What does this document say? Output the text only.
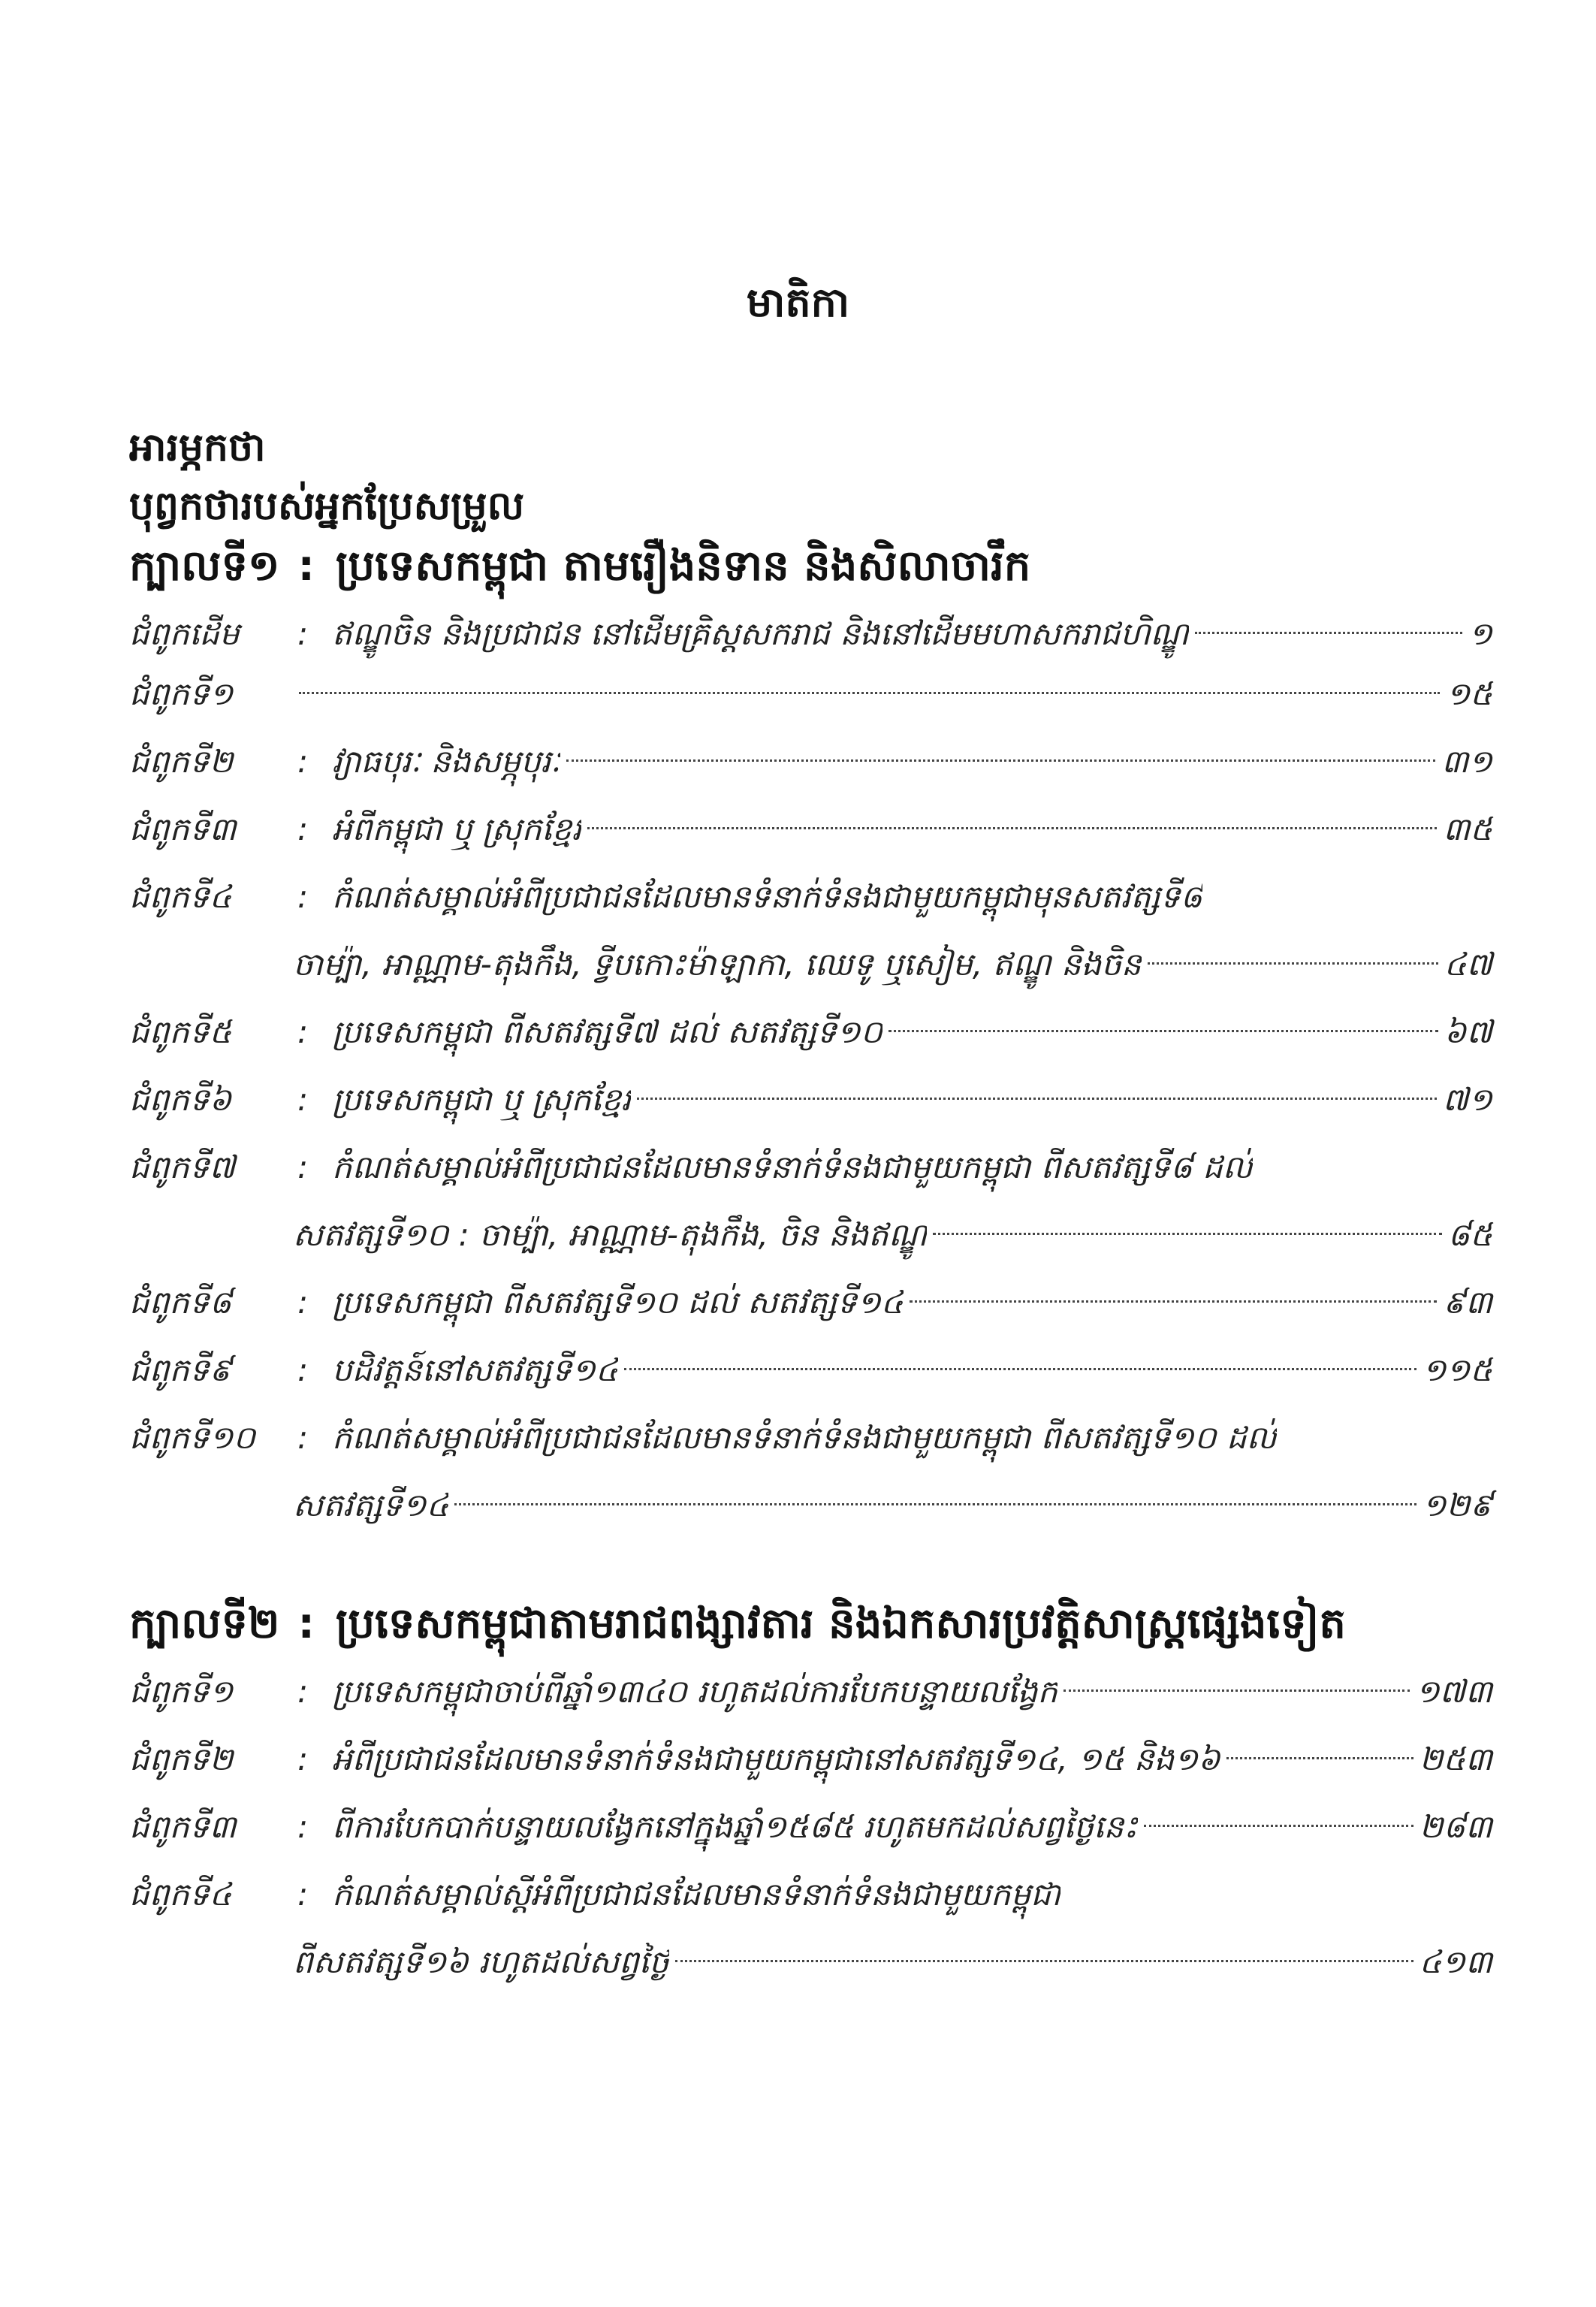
មាតិកា
អារម្ភកថា
បុព្វកថារបស់អ្នកប្រែសម្រួល
ក្បាលទី១ : ប្រទេសកម្ពុជា តាមរឿងនិទាន និងសិលាចារឹក
ជំពូកដើម : ឥណ្ឌូចិន និងប្រជាជន នៅដើមគ្រិស្តសករាជ និងនៅដើមមហាសករាជហិណ្ឌូ	១
ជំពូកទី១	១៥
ជំពូកទី២ : វ្យាធបុរៈ និងសម្ភុបុរៈ	៣១
ជំពូកទី៣ : អំពីកម្ពុជា ឬ ស្រុកខ្មែរ	៣៥
ជំពូកទី៤ : កំណត់សម្គាល់អំពីប្រជាជនដែលមានទំនាក់ទំនងជាមួយកម្ពុជាមុនសតវត្សទី៨
ចាម្ប៉ា, អាណ្ណាម-តុងកឹង, ទ្វីបកោះម៉ាឡាកា, ឈេទូ ឬសៀម, ឥណ្ឌូ និងចិន	៤៧
ជំពូកទី៥ : ប្រទេសកម្ពុជា ពីសតវត្សទី៧ ដល់ សតវត្សទី១០	៦៧
ជំពូកទី៦ : ប្រទេសកម្ពុជា ឬ ស្រុកខ្មែរ	៧១
ជំពូកទី៧ : កំណត់សម្គាល់អំពីប្រជាជនដែលមានទំនាក់ទំនងជាមួយកម្ពុជា ពីសតវត្សទី៨ ដល់
សតវត្សទី១០ : ចាម្ប៉ា, អាណ្ណាម-តុងកឹង, ចិន និងឥណ្ឌូ	៨៥
ជំពូកទី៨ : ប្រទេសកម្ពុជា ពីសតវត្សទី១០ ដល់ សតវត្សទី១៤	៩៣
ជំពូកទី៩ : បដិវត្តន៍នៅសតវត្សទី១៤	១១៥
ជំពូកទី១០ : កំណត់សម្គាល់អំពីប្រជាជនដែលមានទំនាក់ទំនងជាមួយកម្ពុជា ពីសតវត្សទី១០ ដល់
សតវត្សទី១៤	១២៩
ក្បាលទី២ : ប្រទេសកម្ពុជាតាមរាជពង្សាវតារ និងឯកសារប្រវត្តិសាស្ត្រផ្សេងទៀត
ជំពូកទី១ : ប្រទេសកម្ពុជាចាប់ពីឆ្នាំ១៣៤០ រហូតដល់ការបែកបន្ទាយលង្វែក	១៧៣
ជំពូកទី២ : អំពីប្រជាជនដែលមានទំនាក់ទំនងជាមួយកម្ពុជានៅសតវត្សទី១៤, ១៥ និង១៦	២៥៣
ជំពូកទី៣ : ពីការបែកបាក់បន្ទាយលង្វែកនៅក្នុងឆ្នាំ១៥៨៥ រហូតមកដល់សព្វថ្ងៃនេះ	២៨៣
ជំពូកទី៤ : កំណត់សម្គាល់ស្ដីអំពីប្រជាជនដែលមានទំនាក់ទំនងជាមួយកម្ពុជា
ពីសតវត្សទី១៦ រហូតដល់សព្វថ្ងៃ	៤១៣
